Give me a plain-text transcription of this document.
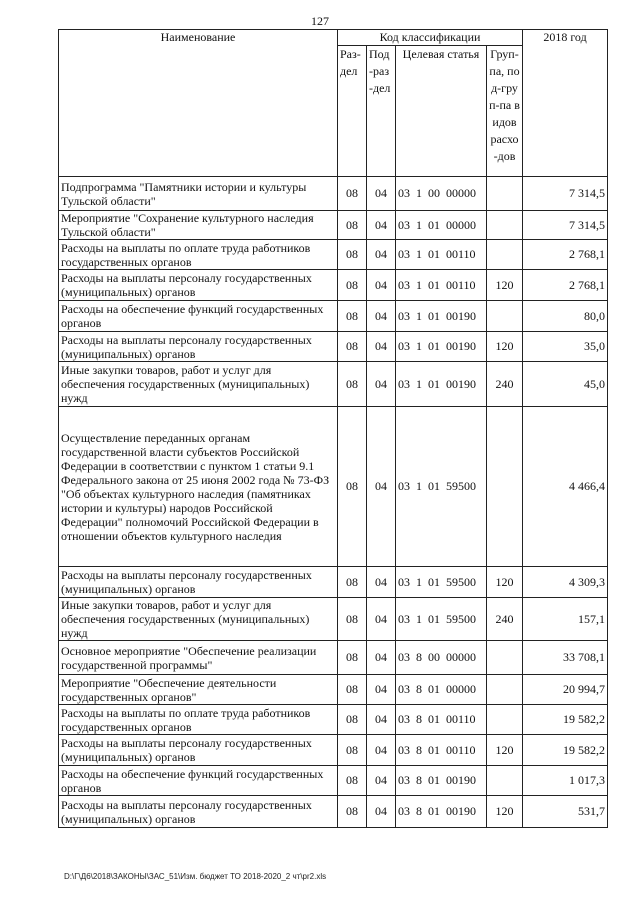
127
Наименование	Код классификации				2018 год
	Раз-дел	Под-раз-дел	Целевая статья	Груп-па, под-груп-па видов расхо-дов	
Подпрограмма "Памятники истории и культуры Тульской области"	08	04	03  1  00  00000		7 314,5
Мероприятие "Сохранение культурного наследия Тульской области"	08	04	03  1  01  00000		7 314,5
Расходы на выплаты по оплате труда работников государственных органов	08	04	03  1  01  00110		2 768,1
Расходы на выплаты персоналу государственных (муниципальных) органов	08	04	03  1  01  00110	120	2 768,1
Расходы на обеспечение функций государственных органов	08	04	03  1  01  00190		80,0
Расходы на выплаты персоналу государственных (муниципальных) органов	08	04	03  1  01  00190	120	35,0
Иные закупки товаров, работ и услуг для обеспечения государственных (муниципальных) нужд	08	04	03  1  01  00190	240	45,0
Осуществление переданных органам государственной власти субъектов Российской Федерации в соответствии с пунктом 1 статьи 9.1 Федерального закона от 25 июня 2002 года № 73-ФЗ "Об объектах культурного наследия (памятниках истории и культуры) народов Российской Федерации" полномочий Российской Федерации в отношении объектов культурного наследия	08	04	03  1  01  59500		4 466,4
Расходы на выплаты персоналу государственных (муниципальных) органов	08	04	03  1  01  59500	120	4 309,3
Иные закупки товаров, работ и услуг для обеспечения государственных (муниципальных) нужд	08	04	03  1  01  59500	240	157,1
Основное мероприятие "Обеспечение реализации государственной программы"	08	04	03  8  00  00000		33 708,1
Мероприятие "Обеспечение деятельности государственных органов"	08	04	03  8  01  00000		20 994,7
Расходы на выплаты по оплате труда работников государственных органов	08	04	03  8  01  00110		19 582,2
Расходы на выплаты персоналу государственных (муниципальных) органов	08	04	03  8  01  00110	120	19 582,2
Расходы на обеспечение функций государственных органов	08	04	03  8  01  00190		1 017,3
Расходы на выплаты персоналу государственных (муниципальных) органов	08	04	03  8  01  00190	120	531,7
D:\Г\Д6\2018\ЗАКОНЫ\ЗАС_51\Изм. бюджет ТО 2018-2020_2 чт\pr2.xls
